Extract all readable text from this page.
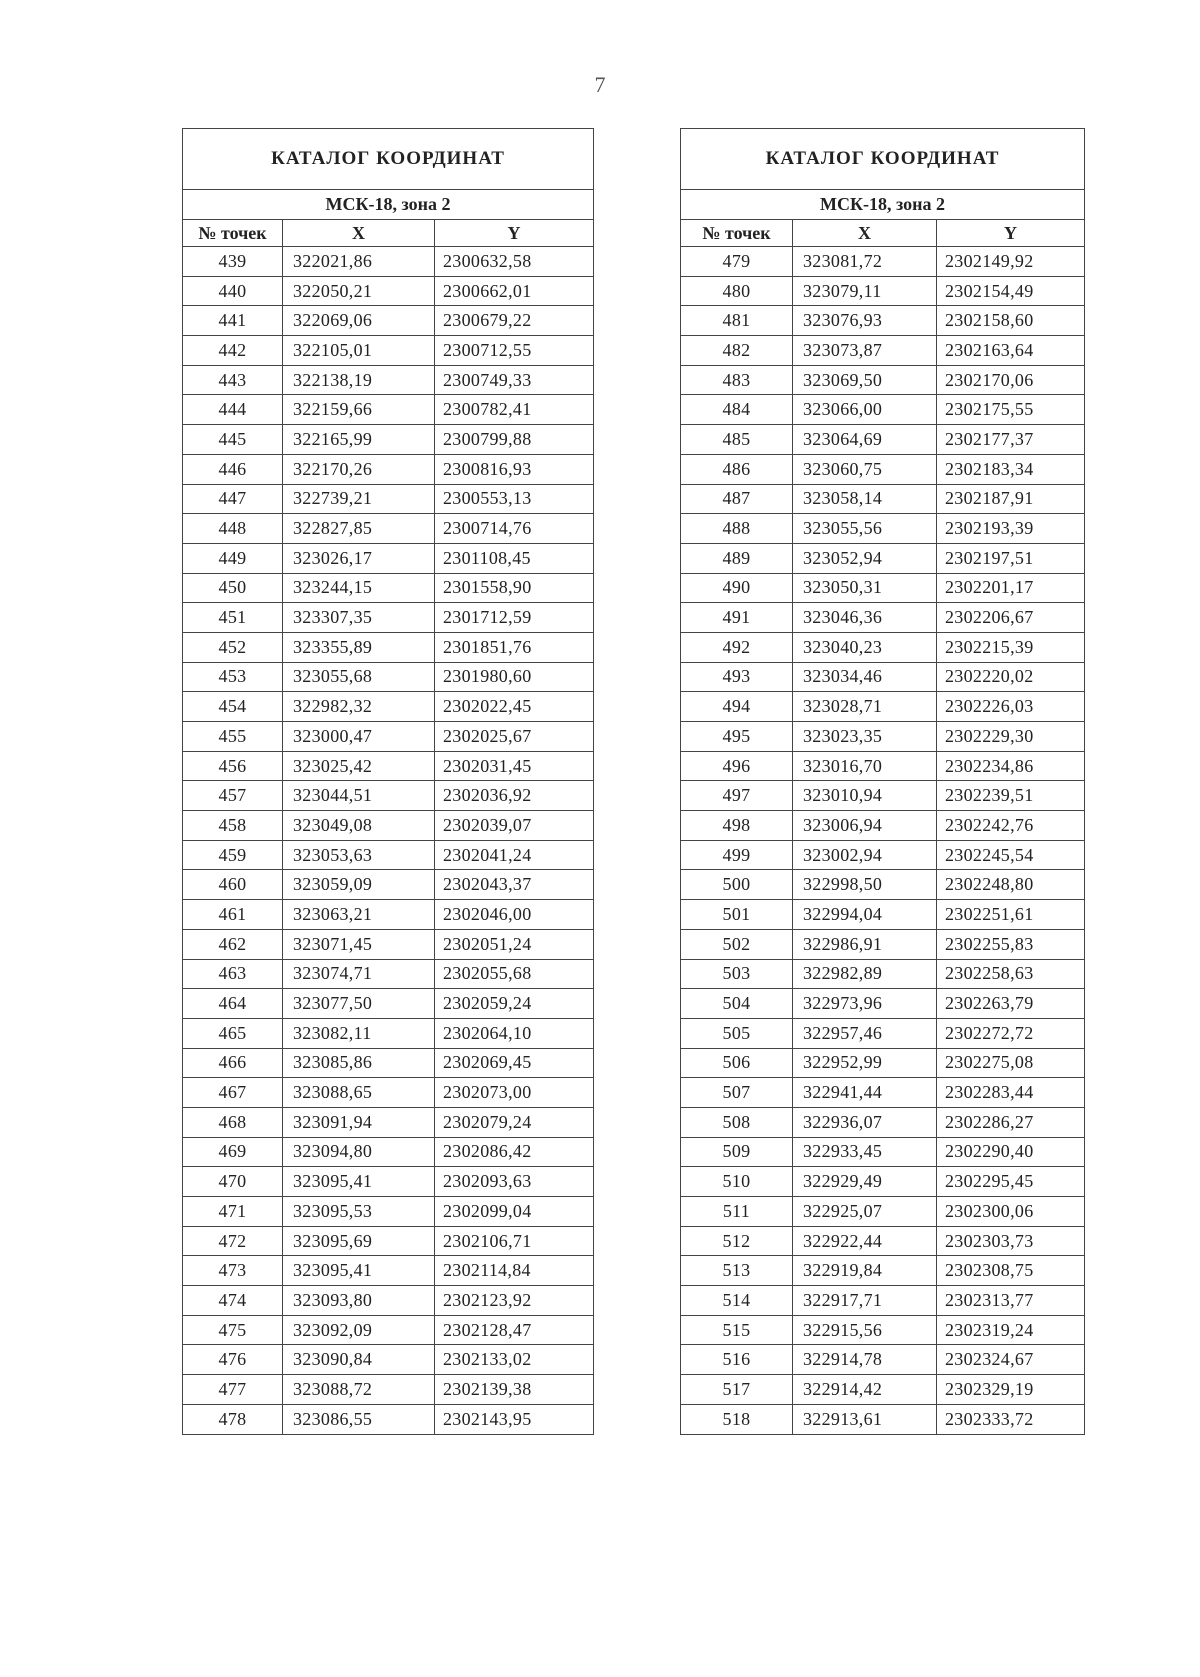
7
КАТАЛОГ КООРДИНАТ		
МСК-18, зона 2		
№ точек	X	Y
439	322021,86	2300632,58
440	322050,21	2300662,01
441	322069,06	2300679,22
442	322105,01	2300712,55
443	322138,19	2300749,33
444	322159,66	2300782,41
445	322165,99	2300799,88
446	322170,26	2300816,93
447	322739,21	2300553,13
448	322827,85	2300714,76
449	323026,17	2301108,45
450	323244,15	2301558,90
451	323307,35	2301712,59
452	323355,89	2301851,76
453	323055,68	2301980,60
454	322982,32	2302022,45
455	323000,47	2302025,67
456	323025,42	2302031,45
457	323044,51	2302036,92
458	323049,08	2302039,07
459	323053,63	2302041,24
460	323059,09	2302043,37
461	323063,21	2302046,00
462	323071,45	2302051,24
463	323074,71	2302055,68
464	323077,50	2302059,24
465	323082,11	2302064,10
466	323085,86	2302069,45
467	323088,65	2302073,00
468	323091,94	2302079,24
469	323094,80	2302086,42
470	323095,41	2302093,63
471	323095,53	2302099,04
472	323095,69	2302106,71
473	323095,41	2302114,84
474	323093,80	2302123,92
475	323092,09	2302128,47
476	323090,84	2302133,02
477	323088,72	2302139,38
478	323086,55	2302143,95
КАТАЛОГ КООРДИНАТ		
МСК-18, зона 2		
№ точек	X	Y
479	323081,72	2302149,92
480	323079,11	2302154,49
481	323076,93	2302158,60
482	323073,87	2302163,64
483	323069,50	2302170,06
484	323066,00	2302175,55
485	323064,69	2302177,37
486	323060,75	2302183,34
487	323058,14	2302187,91
488	323055,56	2302193,39
489	323052,94	2302197,51
490	323050,31	2302201,17
491	323046,36	2302206,67
492	323040,23	2302215,39
493	323034,46	2302220,02
494	323028,71	2302226,03
495	323023,35	2302229,30
496	323016,70	2302234,86
497	323010,94	2302239,51
498	323006,94	2302242,76
499	323002,94	2302245,54
500	322998,50	2302248,80
501	322994,04	2302251,61
502	322986,91	2302255,83
503	322982,89	2302258,63
504	322973,96	2302263,79
505	322957,46	2302272,72
506	322952,99	2302275,08
507	322941,44	2302283,44
508	322936,07	2302286,27
509	322933,45	2302290,40
510	322929,49	2302295,45
511	322925,07	2302300,06
512	322922,44	2302303,73
513	322919,84	2302308,75
514	322917,71	2302313,77
515	322915,56	2302319,24
516	322914,78	2302324,67
517	322914,42	2302329,19
518	322913,61	2302333,72
